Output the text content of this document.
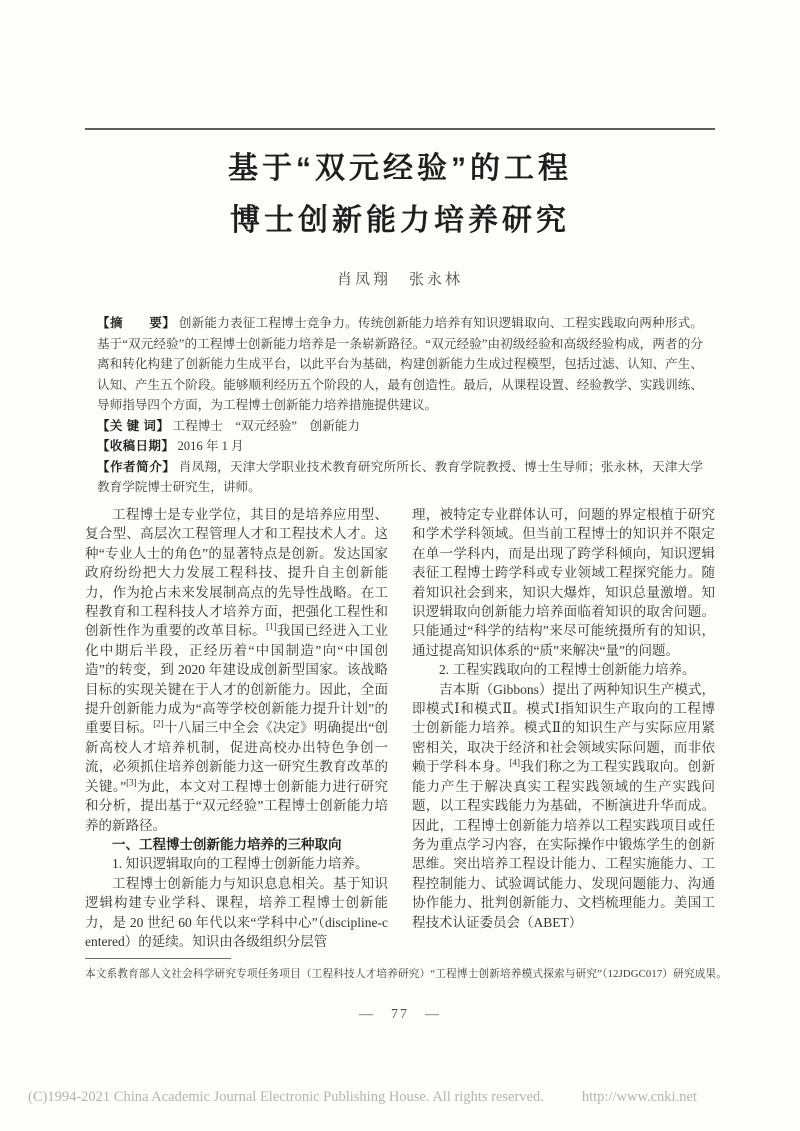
基于“双元经验”的工程
博士创新能力培养研究
肖凤翔　张永林

【摘　　要】 创新能力表征工程博士竞争力。传统创新能力培养有知识逻辑取向、工程实践取向两种形式。基于“双元经验”的工程博士创新能力培养是一条崭新路径。“双元经验”由初级经验和高级经验构成，两者的分离和转化构建了创新能力生成平台，以此平台为基础，构建创新能力生成过程模型，包括过滤、认知、产生、认知、产生五个阶段。能够顺利经历五个阶段的人，最有创造性。最后，从课程设置、经验教学、实践训练、导师指导四个方面，为工程博士创新能力培养措施提供建议。

【关 键 词】 工程博士　“双元经验”　创新能力

【收稿日期】 2016 年 1 月

【作者简介】 肖凤翔，天津大学职业技术教育研究所所长、教育学院教授、博士生导师；张永林，天津大学教育学院博士研究生，讲师。

工程博士是专业学位，其目的是培养应用型、复合型、高层次工程管理人才和工程技术人才。这种“专业人士的角色”的显著特点是创新。发达国家政府纷纷把大力发展工程科技、提升自主创新能力，作为抢占未来发展制高点的先导性战略。在工程教育和工程科技人才培养方面，把强化工程性和创新性作为重要的改革目标。[1]我国已经进入工业化中期后半段，正经历着“中国制造”向“中国创造”的转变，到 2020 年建设成创新型国家。该战略目标的实现关键在于人才的创新能力。因此，全面提升创新能力成为“高等学校创新能力提升计划”的重要目标。[2]十八届三中全会《决定》明确提出“创新高校人才培养机制，促进高校办出特色争创一流，必须抓住培养创新能力这一研究生教育改革的关键。”[3]为此，本文对工程博士创新能力进行研究和分析，提出基于“双元经验”工程博士创新能力培养的新路径。

一、工程博士创新能力培养的三种取向

1. 知识逻辑取向的工程博士创新能力培养。

工程博士创新能力与知识息息相关。基于知识逻辑构建专业学科、课程，培养工程博士创新能力，是 20 世纪 60 年代以来“学科中心”（discipline-centered）的延续。知识由各级组织分层管

理，被特定专业群体认可，问题的界定根植于研究和学术学科领域。但当前工程博士的知识并不限定在单一学科内，而是出现了跨学科倾向，知识逻辑表征工程博士跨学科或专业领域工程探究能力。随着知识社会到来，知识大爆炸，知识总量激增。知识逻辑取向创新能力培养面临着知识的取舍问题。只能通过“科学的结构”来尽可能统摄所有的知识，通过提高知识体系的“质”来解决“量”的问题。

2. 工程实践取向的工程博士创新能力培养。

吉本斯（Gibbons）提出了两种知识生产模式，即模式Ⅰ和模式Ⅱ。模式Ⅰ指知识生产取向的工程博士创新能力培养。模式Ⅱ的知识生产与实际应用紧密相关，取决于经济和社会领域实际问题，而非依赖于学科本身。[4]我们称之为工程实践取向。创新能力产生于解决真实工程实践领域的生产实践问题，以工程实践能力为基础，不断演进升华而成。因此，工程博士创新能力培养以工程实践项目或任务为重点学习内容，在实际操作中锻炼学生的创新思维。突出培养工程设计能力、工程实施能力、工程控制能力、试验调试能力、发现问题能力、沟通协作能力、批判创新能力、文档梳理能力。美国工程技术认证委员会（ABET）

本文系教育部人文社会科学研究专项任务项目（工程科技人才培养研究）“工程博士创新培养模式探索与研究”（12JDGC017）研究成果。
—　77　—
(C)1994-2021 China Academic Journal Electronic Publishing House. All rights reserved.	http://www.cnki.net
